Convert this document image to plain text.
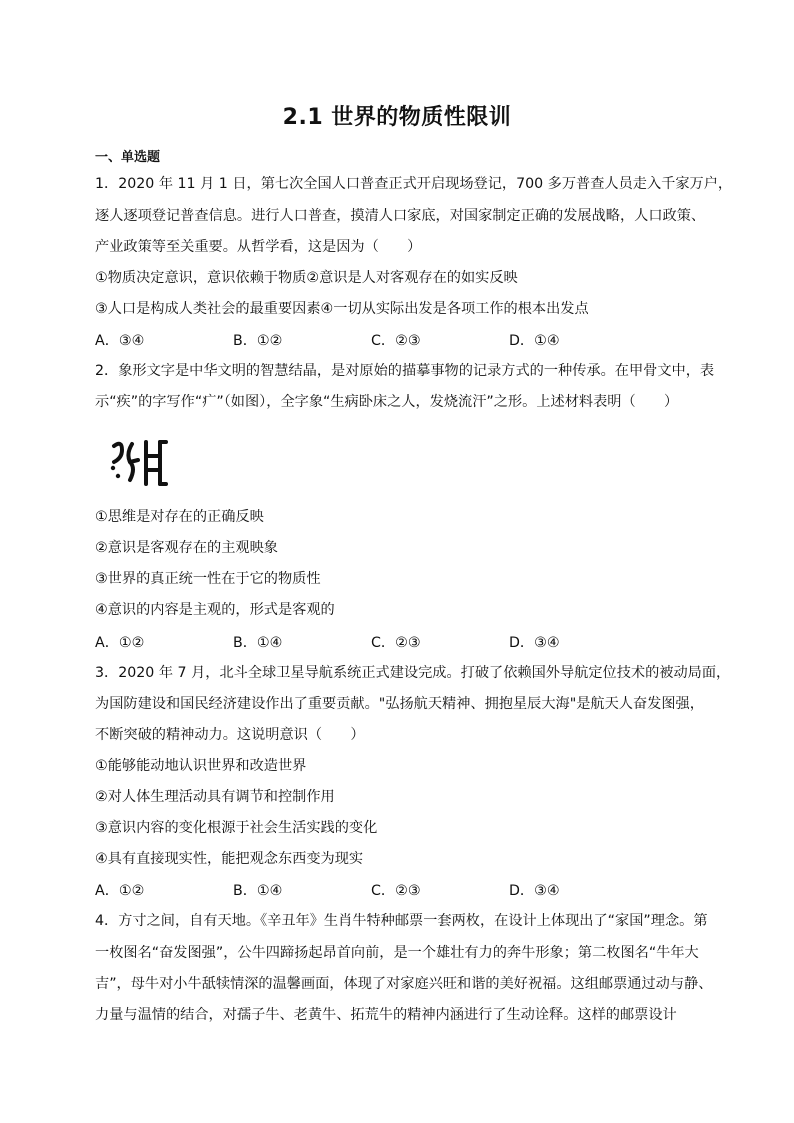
2.1 世界的物质性限训
一、单选题
1．2020 年 11 月 1 日，第七次全国人口普查正式开启现场登记，700 多万普查人员走入千家万户，
逐人逐项登记普查信息。进行人口普查，摸清人口家底，对国家制定正确的发展战略，人口政策、
产业政策等至关重要。从哲学看，这是因为（　　）
①物质决定意识，意识依赖于物质②意识是人对客观存在的如实反映
③人口是构成人类社会的最重要因素④一切从实际出发是各项工作的根本出发点
A．③④	B．①②	C．②③	D．①④
2．象形文字是中华文明的智慧结晶，是对原始的描摹事物的记录方式的一种传承。在甲骨文中，表
示“疾”的字写作“疒”（如图），全字象“生病卧床之人，发烧流汗”之形。上述材料表明（　　）
①思维是对存在的正确反映
②意识是客观存在的主观映象
③世界的真正统一性在于它的物质性
④意识的内容是主观的，形式是客观的
A．①②	B．①④	C．②③	D．③④
3．2020 年 7 月，北斗全球卫星导航系统正式建设完成。打破了依赖国外导航定位技术的被动局面，
为国防建设和国民经济建设作出了重要贡献。"弘扬航天精神、拥抱星辰大海"是航天人奋发图强，
不断突破的精神动力。这说明意识（　　）
①能够能动地认识世界和改造世界
②对人体生理活动具有调节和控制作用
③意识内容的变化根源于社会生活实践的变化
④具有直接现实性，能把观念东西变为现实
A．①②	B．①④	C．②③	D．③④
4．方寸之间，自有天地。《辛丑年》生肖牛特种邮票一套两枚，在设计上体现出了“家国”理念。第
一枚图名“奋发图强”，公牛四蹄扬起昂首向前，是一个雄壮有力的奔牛形象；第二枚图名“牛年大
吉”，母牛对小牛舐犊情深的温馨画面，体现了对家庭兴旺和谐的美好祝福。这组邮票通过动与静、
力量与温情的结合，对孺子牛、老黄牛、拓荒牛的精神内涵进行了生动诠释。这样的邮票设计
